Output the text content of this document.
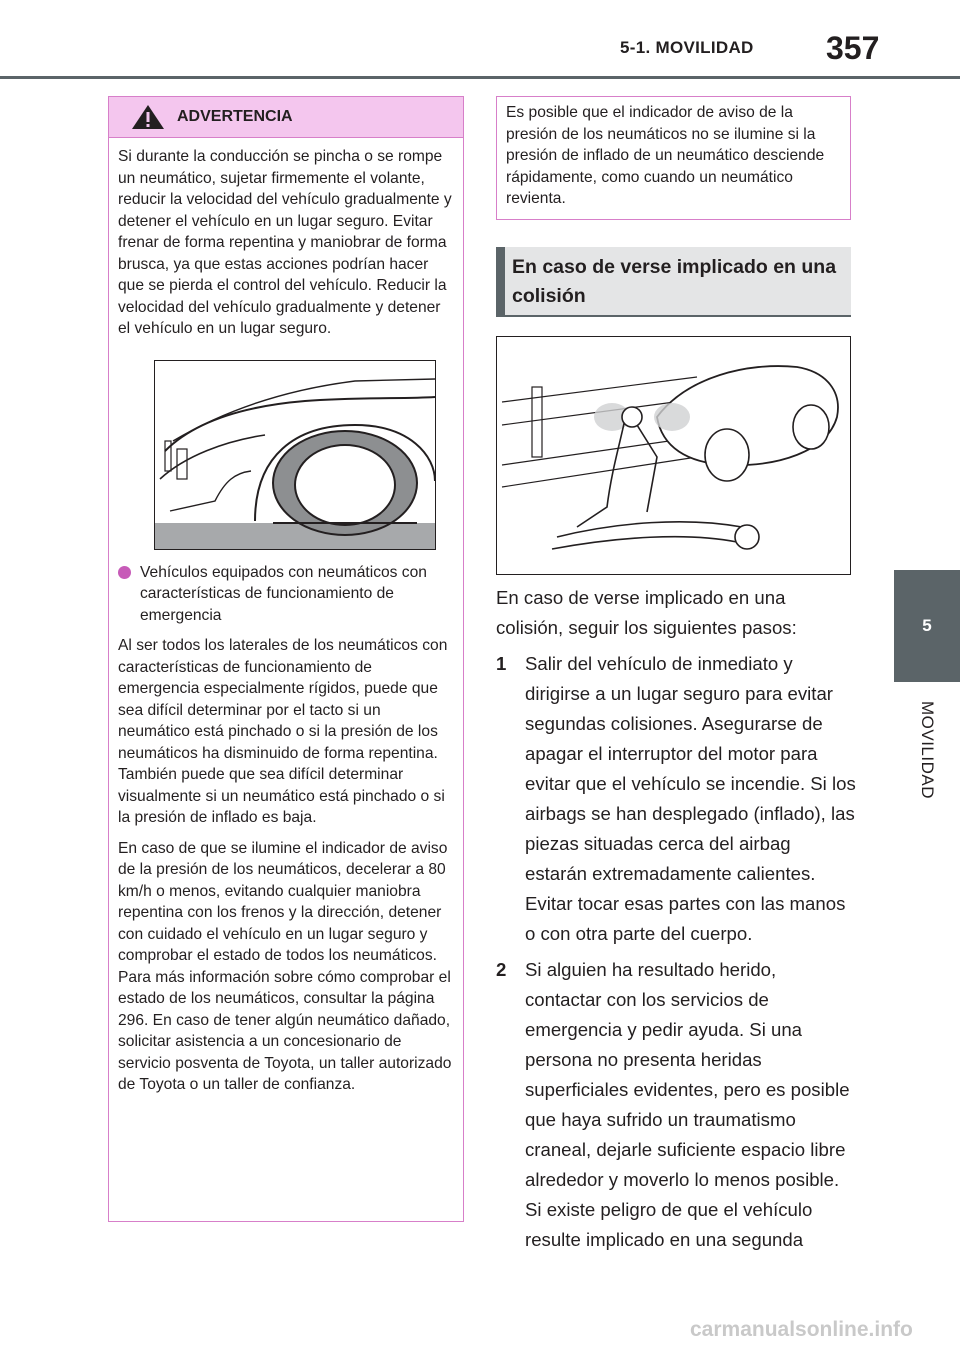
5-1. MOVILIDAD 357
5
MOVILIDAD
ADVERTENCIA

Si durante la conducción se pincha o se rompe un neumático, sujetar firmemente el volante, reducir la velocidad del vehículo gradualmente y detener el vehículo en un lugar seguro. Evitar frenar de forma repentina y maniobrar de forma brusca, ya que estas acciones podrían hacer que se pierda el control del vehículo. Reducir la velocidad del vehículo gradualmente y detener el vehículo en un lugar seguro.

Vehículos equipados con neumáticos con características de funcionamiento de emergencia

Al ser todos los laterales de los neumáticos con características de funcionamiento de emergencia especialmente rígidos, puede que sea difícil determinar por el tacto si un neumático está pinchado o si la presión de los neumáticos ha disminuido de forma repentina. También puede que sea difícil determinar visualmente si un neumático está pinchado o si la presión de inflado es baja.

En caso de que se ilumine el indicador de aviso de la presión de los neumáticos, decelerar a 80 km/h o menos, evitando cualquier maniobra repentina con los frenos y la dirección, detener con cuidado el vehículo en un lugar seguro y comprobar el estado de todos los neumáticos. Para más información sobre cómo comprobar el estado de los neumáticos, consultar la página 296. En caso de tener algún neumático dañado, solicitar asistencia a un concesionario de servicio posventa de Toyota, un taller autorizado de Toyota o un taller de confianza.

Es posible que el indicador de aviso de la presión de los neumáticos no se ilumine si la presión de inflado de un neumático desciende rápidamente, como cuando un neumático revienta.
En caso de verse implicado en una colisión

En caso de verse implicado en una colisión, seguir los siguientes pasos:

1 Salir del vehículo de inmediato y dirigirse a un lugar seguro para evitar segundas colisiones. Asegurarse de apagar el interruptor del motor para evitar que el vehículo se incendie. Si los airbags se han desplegado (inflado), las piezas situadas cerca del airbag estarán extremadamente calientes. Evitar tocar esas partes con las manos o con otra parte del cuerpo.
2 Si alguien ha resultado herido, contactar con los servicios de emergencia y pedir ayuda. Si una persona no presenta heridas superficiales evidentes, pero es posible que haya sufrido un traumatismo craneal, dejarle suficiente espacio libre alrededor y moverlo lo menos posible. Si existe peligro de que el vehículo resulte implicado en una segunda
carmanualsonline.info
